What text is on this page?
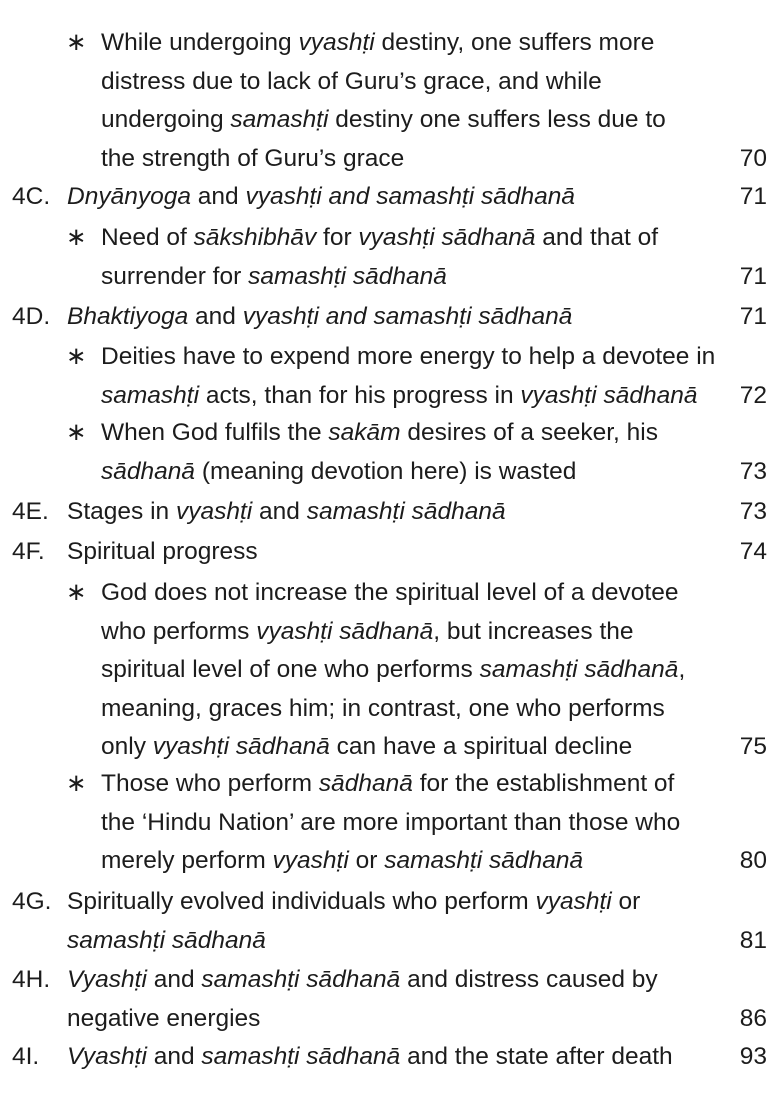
∗ While undergoing vyashṭi destiny, one suffers more
distress due to lack of Guru’s grace, and while
undergoing samashṭi destiny one suffers less due to
the strength of Guru’s grace	70
4C. Dnyānyoga and vyashṭi and samashṭi sādhanā	71
∗ Need of sākshibhāv for vyashṭi sādhanā and that of
surrender for samashṭi sādhanā	71
4D. Bhaktiyoga and vyashṭi and samashṭi sādhanā	71
∗ Deities have to expend more energy to help a devotee in
samashṭi acts, than for his progress in vyashṭi sādhanā	72
∗ When God fulfils the sakām desires of a seeker, his
sādhanā (meaning devotion here) is wasted	73
4E. Stages in vyashṭi and samashṭi sādhanā	73
4F. Spiritual progress	74
∗ God does not increase the spiritual level of a devotee
who performs vyashṭi sādhanā, but increases the
spiritual level of one who performs samashṭi sādhanā,
meaning, graces him; in contrast, one who performs
only vyashṭi sādhanā can have a spiritual decline	75
∗ Those who perform sādhanā for the establishment of
the ‘Hindu Nation’ are more important than those who
merely perform vyashṭi or samashṭi sādhanā	80
4G. Spiritually evolved individuals who perform vyashṭi or
samashṭi sādhanā	81
4H. Vyashṭi and samashṭi sādhanā and distress caused by
negative energies	86
4I. Vyashṭi and samashṭi sādhanā and the state after death	93
